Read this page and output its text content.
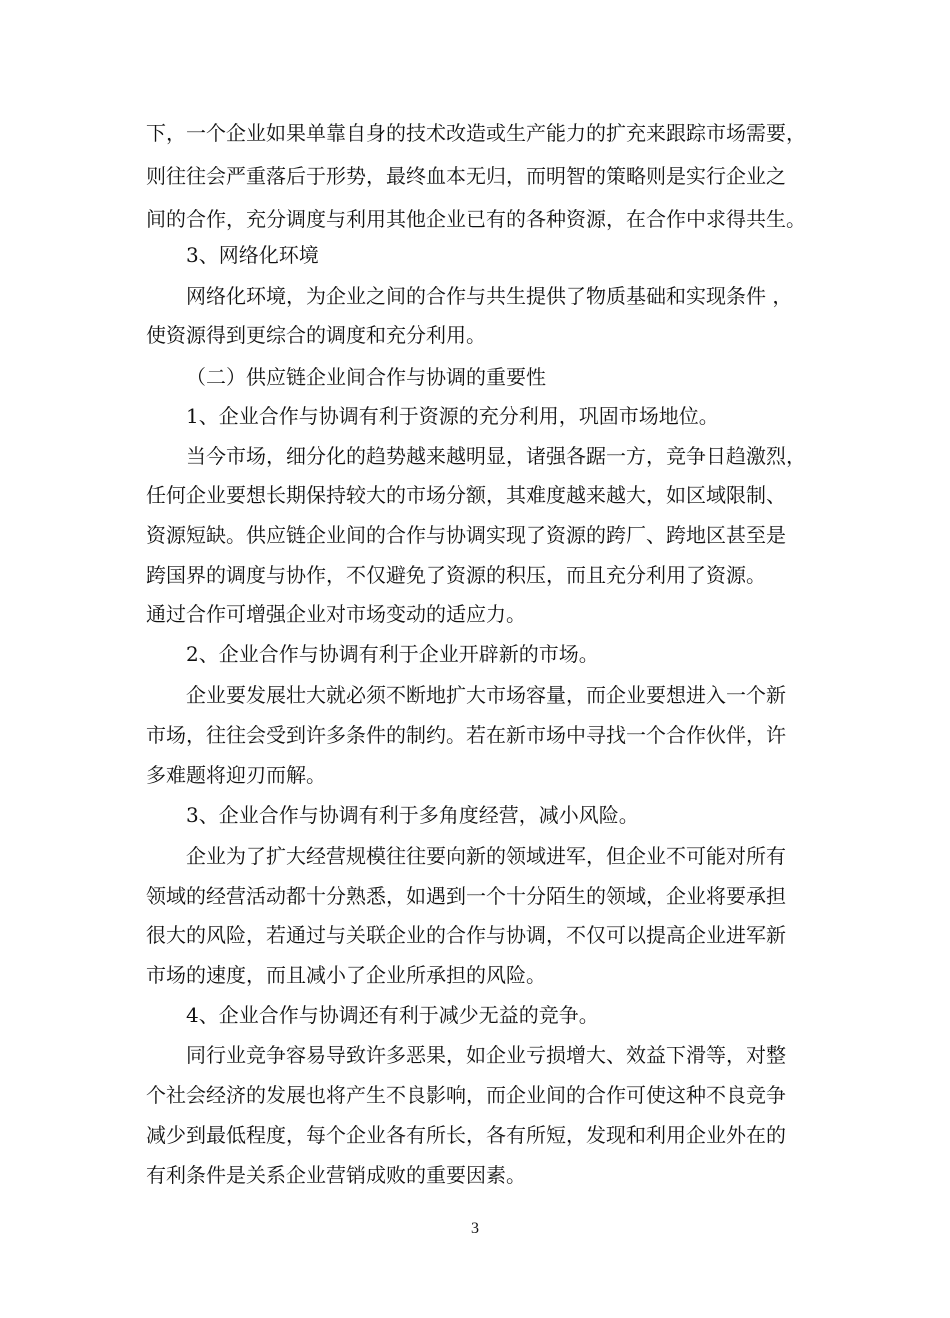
下，一个企业如果单靠自身的技术改造或生产能力的扩充来跟踪市场需要，
则往往会严重落后于形势，最终血本无归，而明智的策略则是实行企业之
间的合作，充分调度与利用其他企业已有的各种资源，在合作中求得共生。
3、网络化环境
网络化环境，为企业之间的合作与共生提供了物质基础和实现条件 ，
使资源得到更综合的调度和充分利用。
（二）供应链企业间合作与协调的重要性
1、企业合作与协调有利于资源的充分利用，巩固市场地位。
当今市场，细分化的趋势越来越明显，诸强各踞一方，竞争日趋激烈，
任何企业要想长期保持较大的市场分额，其难度越来越大，如区域限制、
资源短缺。供应链企业间的合作与协调实现了资源的跨厂、跨地区甚至是
跨国界的调度与协作，不仅避免了资源的积压，而且充分利用了资源。
通过合作可增强企业对市场变动的适应力。
2、企业合作与协调有利于企业开辟新的市场。
企业要发展壮大就必须不断地扩大市场容量，而企业要想进入一个新
市场，往往会受到许多条件的制约。若在新市场中寻找一个合作伙伴，许
多难题将迎刃而解。
3、企业合作与协调有利于多角度经营，减小风险。
企业为了扩大经营规模往往要向新的领域进军，但企业不可能对所有
领域的经营活动都十分熟悉，如遇到一个十分陌生的领域，企业将要承担
很大的风险，若通过与关联企业的合作与协调，不仅可以提高企业进军新
市场的速度，而且减小了企业所承担的风险。
4、企业合作与协调还有利于减少无益的竞争。
同行业竞争容易导致许多恶果，如企业亏损增大、效益下滑等，对整
个社会经济的发展也将产生不良影响，而企业间的合作可使这种不良竞争
减少到最低程度，每个企业各有所长，各有所短，发现和利用企业外在的
有利条件是关系企业营销成败的重要因素。
3
